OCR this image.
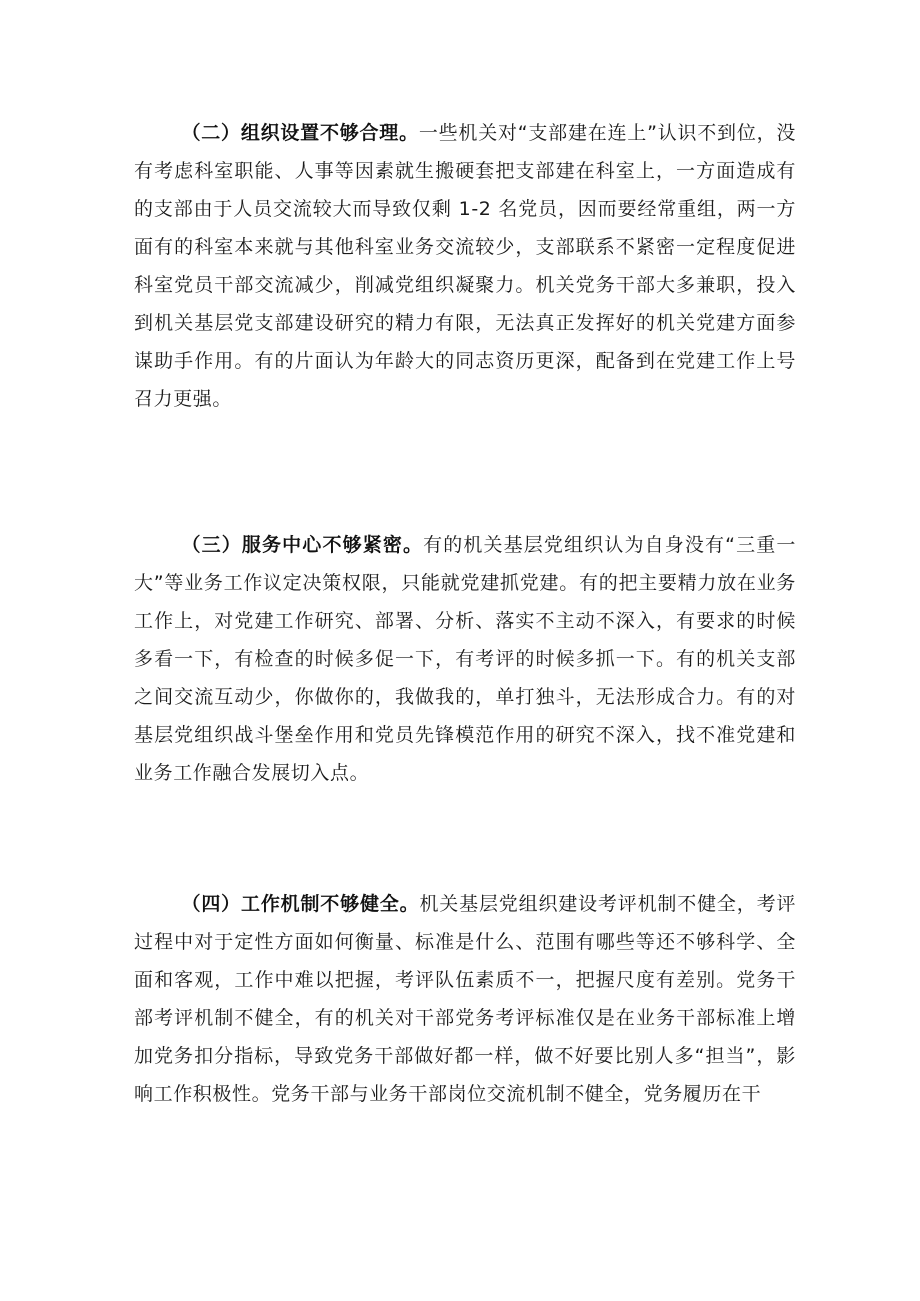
（二）组织设置不够合理。一些机关对“支部建在连上”认识不到位，没有考虑科室职能、人事等因素就生搬硬套把支部建在科室上，一方面造成有的支部由于人员交流较大而导致仅剩 1-2 名党员，因而要经常重组，两一方面有的科室本来就与其他科室业务交流较少，支部联系不紧密一定程度促进科室党员干部交流减少，削减党组织凝聚力。机关党务干部大多兼职，投入到机关基层党支部建设研究的精力有限，无法真正发挥好的机关党建方面参谋助手作用。有的片面认为年龄大的同志资历更深，配备到在党建工作上号召力更强。

（三）服务中心不够紧密。有的机关基层党组织认为自身没有“三重一大”等业务工作议定决策权限，只能就党建抓党建。有的把主要精力放在业务工作上，对党建工作研究、部署、分析、落实不主动不深入，有要求的时候多看一下，有检查的时候多促一下，有考评的时候多抓一下。有的机关支部之间交流互动少，你做你的，我做我的，单打独斗，无法形成合力。有的对基层党组织战斗堡垒作用和党员先锋模范作用的研究不深入，找不准党建和业务工作融合发展切入点。

（四）工作机制不够健全。机关基层党组织建设考评机制不健全，考评过程中对于定性方面如何衡量、标准是什么、范围有哪些等还不够科学、全面和客观，工作中难以把握，考评队伍素质不一，把握尺度有差别。党务干部考评机制不健全，有的机关对干部党务考评标准仅是在业务干部标准上增加党务扣分指标，导致党务干部做好都一样，做不好要比别人多“担当”，影响工作积极性。党务干部与业务干部岗位交流机制不健全，党务履历在干
